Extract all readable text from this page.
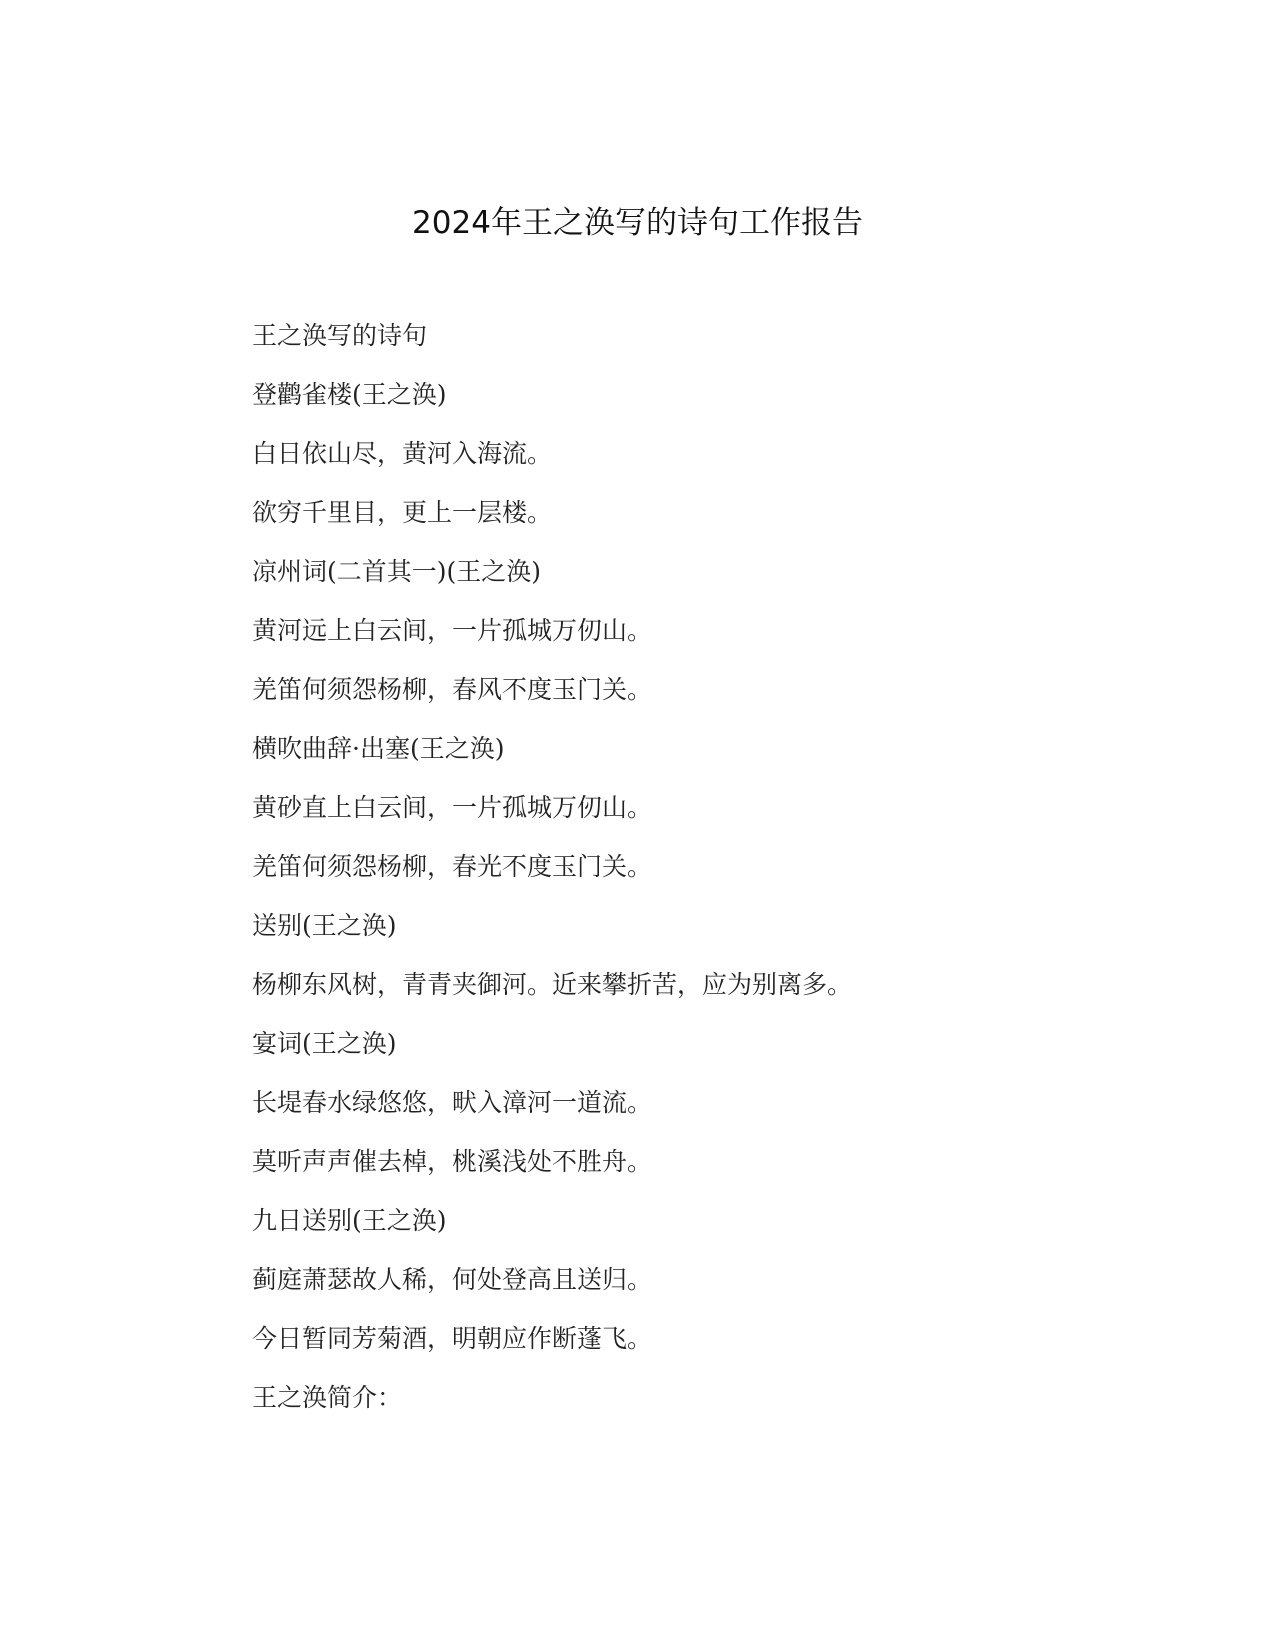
2024年王之涣写的诗句工作报告
王之涣写的诗句
登鹳雀楼(王之涣)
白日依山尽，黄河入海流。
欲穷千里目，更上一层楼。
凉州词(二首其一)(王之涣)
黄河远上白云间，一片孤城万仞山。
羌笛何须怨杨柳，春风不度玉门关。
横吹曲辞·出塞(王之涣)
黄砂直上白云间，一片孤城万仞山。
羌笛何须怨杨柳，春光不度玉门关。
送别(王之涣)
杨柳东风树，青青夹御河。近来攀折苦，应为别离多。
宴词(王之涣)
长堤春水绿悠悠，畎入漳河一道流。
莫听声声催去棹，桃溪浅处不胜舟。
九日送别(王之涣)
蓟庭萧瑟故人稀，何处登高且送归。
今日暂同芳菊酒，明朝应作断蓬飞。
王之涣简介：
